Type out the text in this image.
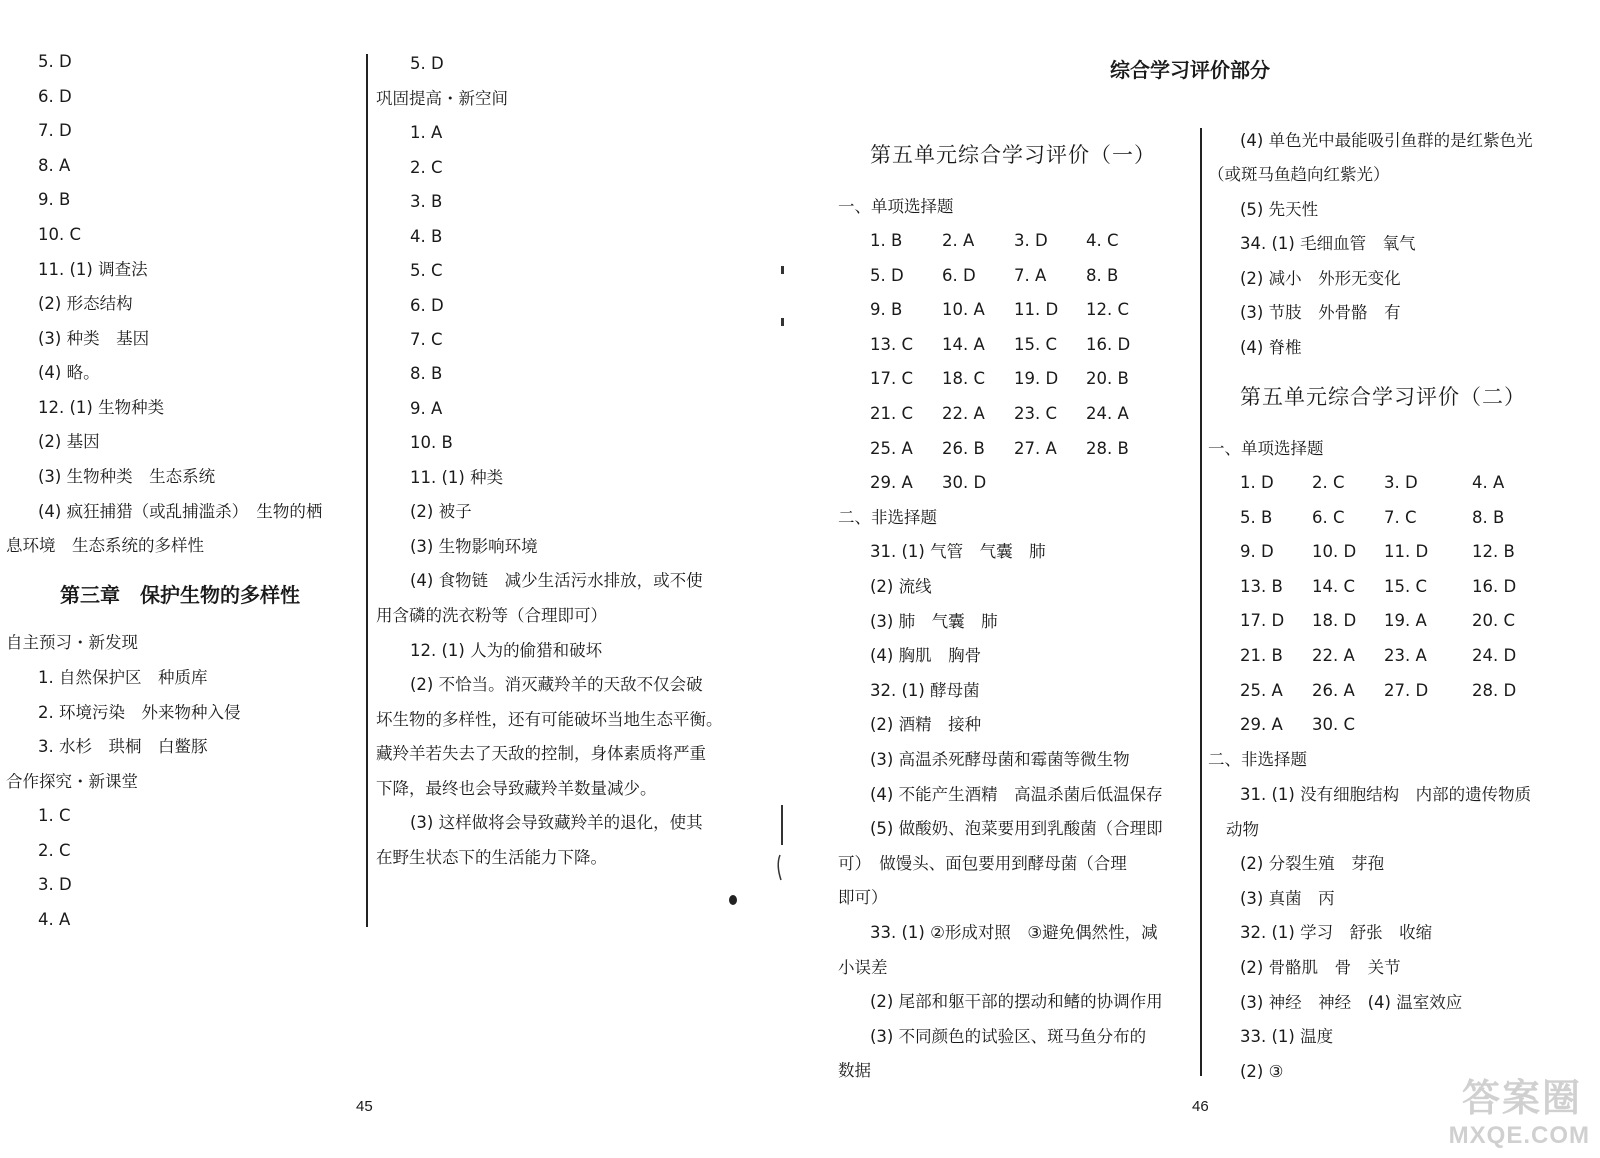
5. D
6. D
7. D
8. A
9. B
10. C
11. (1) 调查法
(2) 形态结构
(3) 种类　基因
(4) 略。
12. (1) 生物种类
(2) 基因
(3) 生物种类　生态系统
(4) 疯狂捕猎（或乱捕滥杀）　生物的栖
息环境　生态系统的多样性
第三章　保护生物的多样性
自主预习・新发现
1. 自然保护区　种质库
2. 环境污染　外来物种入侵
3. 水杉　珙桐　白鳖豚
合作探究・新课堂
1. C
2. C
3. D
4. A
5. D
巩固提高・新空间
1. A
2. C
3. B
4. B
5. C
6. D
7. C
8. B
9. A
10. B
11. (1) 种类
(2) 被子
(3) 生物影响环境
(4) 食物链　减少生活污水排放，或不使
用含磷的洗衣粉等（合理即可）
12. (1) 人为的偷猎和破坏
(2) 不恰当。消灭藏羚羊的天敌不仅会破
坏生物的多样性，还有可能破坏当地生态平衡。
藏羚羊若失去了天敌的控制，身体素质将严重
下降，最终也会导致藏羚羊数量减少。
(3) 这样做将会导致藏羚羊的退化，使其
在野生状态下的生活能力下降。
45
综合学习评价部分
第五单元综合学习评价（一）
一、单项选择题
1. B 2. A 3. D 4. C
5. D 6. D 7. A 8. B
9. B 10. A 11. D 12. C
13. C 14. A 15. C 16. D
17. C 18. C 19. D 20. B
21. C 22. A 23. C 24. A
25. A 26. B 27. A 28. B
29. A 30. D
二、非选择题
31. (1) 气管　气囊　肺
(2) 流线
(3) 肺　气囊　肺
(4) 胸肌　胸骨
32. (1) 酵母菌
(2) 酒精　接种
(3) 高温杀死酵母菌和霉菌等微生物
(4) 不能产生酒精　高温杀菌后低温保存
(5) 做酸奶、泡菜要用到乳酸菌（合理即
可）　做馒头、面包要用到酵母菌（合理
即可）
33. (1) ②形成对照　③避免偶然性，减
小误差
(2) 尾部和躯干部的摆动和鳍的协调作用
(3) 不同颜色的试验区、斑马鱼分布的
数据
(4) 单色光中最能吸引鱼群的是红紫色光
（或斑马鱼趋向红紫光）
(5) 先天性
34. (1) 毛细血管　氧气
(2) 减小　外形无变化
(3) 节肢　外骨骼　有
(4) 脊椎
第五单元综合学习评价（二）
一、单项选择题
1. D 2. C 3. D	4. A
5. B 6. C 7. C	8. B
9. D 10. D 11. D	12. B
13. B 14. C 15. C	16. D
17. D 18. D 19. A	20. C
21. B 22. A 23. A	24. D
25. A 26. A 27. D	28. D
29. A 30. C
二、非选择题
31. (1) 没有细胞结构　内部的遗传物质
动物
(2) 分裂生殖　芽孢
(3) 真菌　丙
32. (1) 学习　舒张　收缩
(2) 骨骼肌　骨　关节
(3) 神经　神经　(4) 温室效应
33. (1) 温度
(2) ③
46	答案圈
MXQE.COM
